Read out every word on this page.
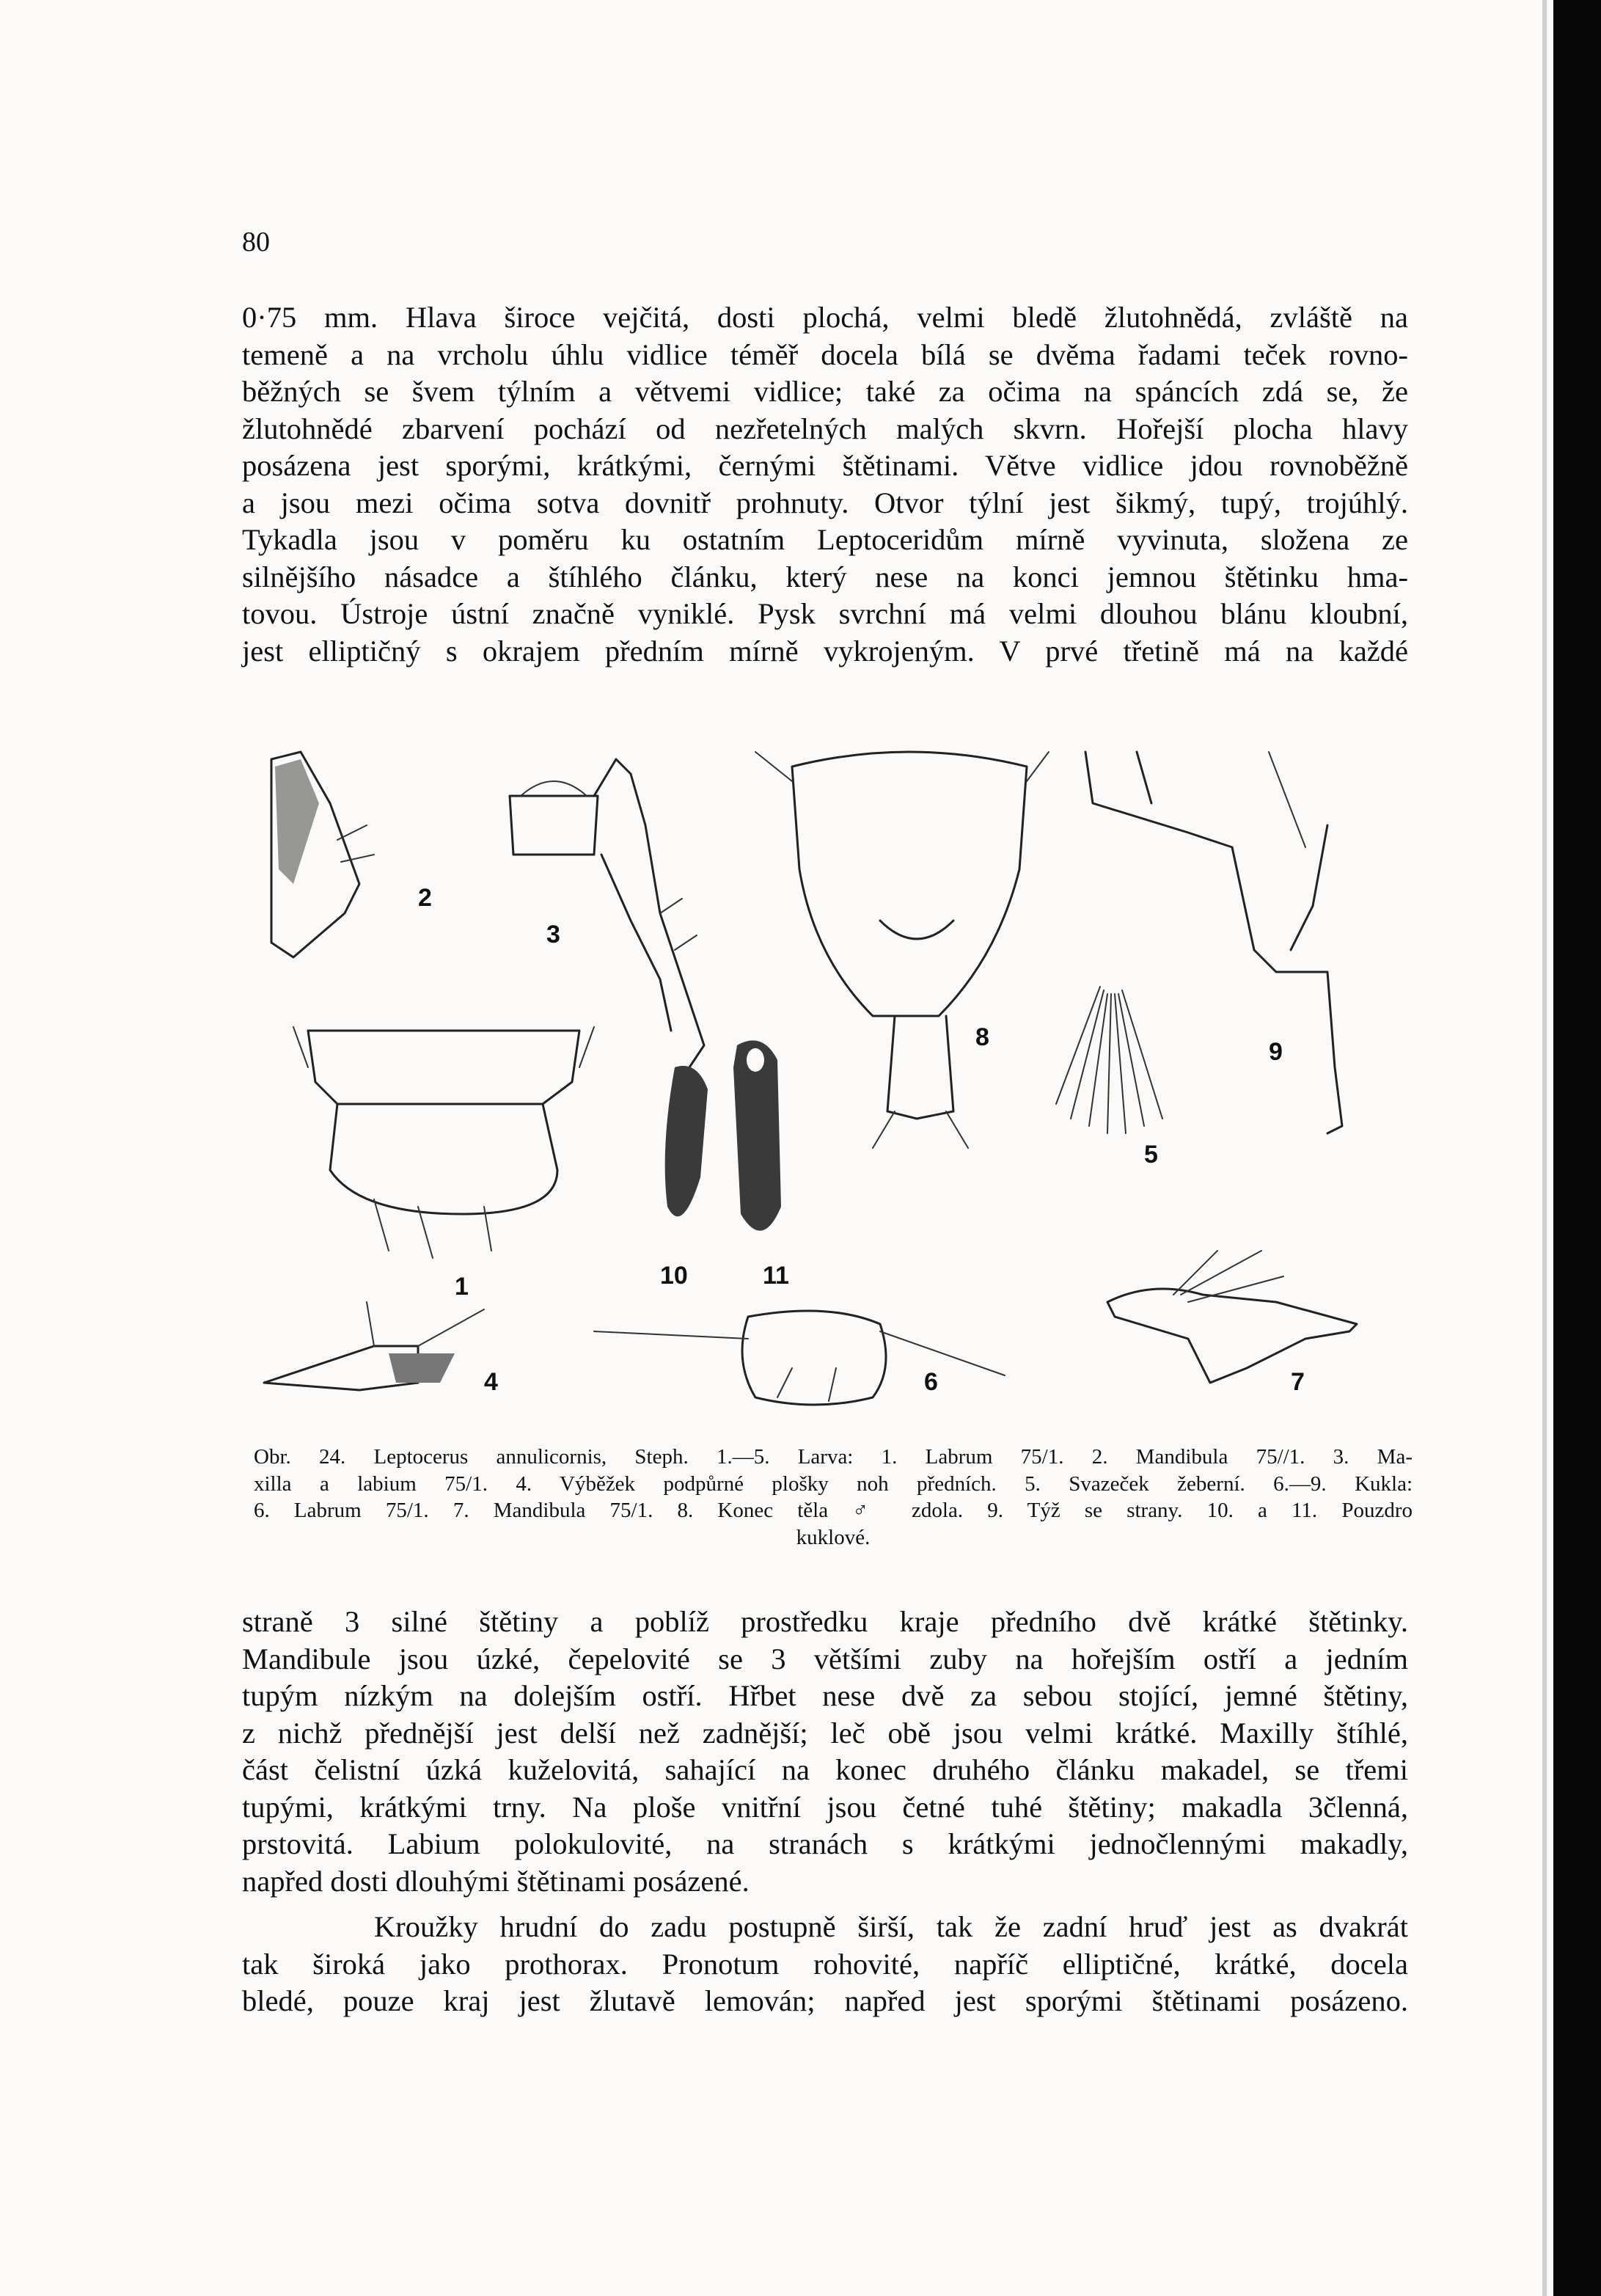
80

0·75 mm. Hlava široce vejčitá, dosti plochá, velmi bledě žlutohnědá, zvláště na
temeně a na vrcholu úhlu vidlice téměř docela bílá se dvěma řadami teček rovno-
běžných se švem týlním a větvemi vidlice; také za očima na spáncích zdá se, že
žlutohnědé zbarvení pochází od nezřetelných malých skvrn. Hořejší plocha hlavy
posázena jest sporými, krátkými, černými štětinami. Větve vidlice jdou rovnoběžně
a jsou mezi očima sotva dovnitř prohnuty. Otvor týlní jest šikmý, tupý, trojúhlý.
Tykadla jsou v poměru ku ostatním Leptoceridům mírně vyvinuta, složena ze
silnějšího násadce a štíhlého článku, který nese na konci jemnou štětinku hma-
tovou. Ústroje ústní značně vyniklé. Pysk svrchní má velmi dlouhou blánu kloubní,
jest elliptičný s okrajem předním mírně vykrojeným. V prvé třetině má na každé

2
3
8
9
5
1	10	11
4	6	7

Obr. 24. Leptocerus annulicornis, Steph. 1.—5. Larva: 1. Labrum 75/1. 2. Mandibula 75//1. 3. Ma-
xilla a labium 75/1. 4. Výběžek podpůrné plošky noh předních. 5. Svazeček žeberní. 6.—9. Kukla:
6. Labrum 75/1. 7. Mandibula 75/1. 8. Konec těla ♂ zdola. 9. Týž se strany. 10. a 11. Pouzdro
kuklové.

straně 3 silné štětiny a poblíž prostředku kraje předního dvě krátké štětinky.
Mandibule jsou úzké, čepelovité se 3 většími zuby na hořejším ostří a jedním
tupým nízkým na dolejším ostří. Hřbet nese dvě za sebou stojící, jemné štětiny,
z nichž přednější jest delší než zadnější; leč obě jsou velmi krátké. Maxilly štíhlé,
část čelistní úzká kuželovitá, sahající na konec druhého článku makadel, se třemi
tupými, krátkými trny. Na ploše vnitřní jsou četné tuhé štětiny; makadla 3členná,
prstovitá. Labium polokulovité, na stranách s krátkými jednočlennými makadly,
napřed dosti dlouhými štětinami posázené.

Kroužky hrudní do zadu postupně širší, tak že zadní hruď jest as dvakrát
tak široká jako prothorax. Pronotum rohovité, napříč elliptičné, krátké, docela
bledé, pouze kraj jest žlutavě lemován; napřed jest sporými štětinami posázeno.
